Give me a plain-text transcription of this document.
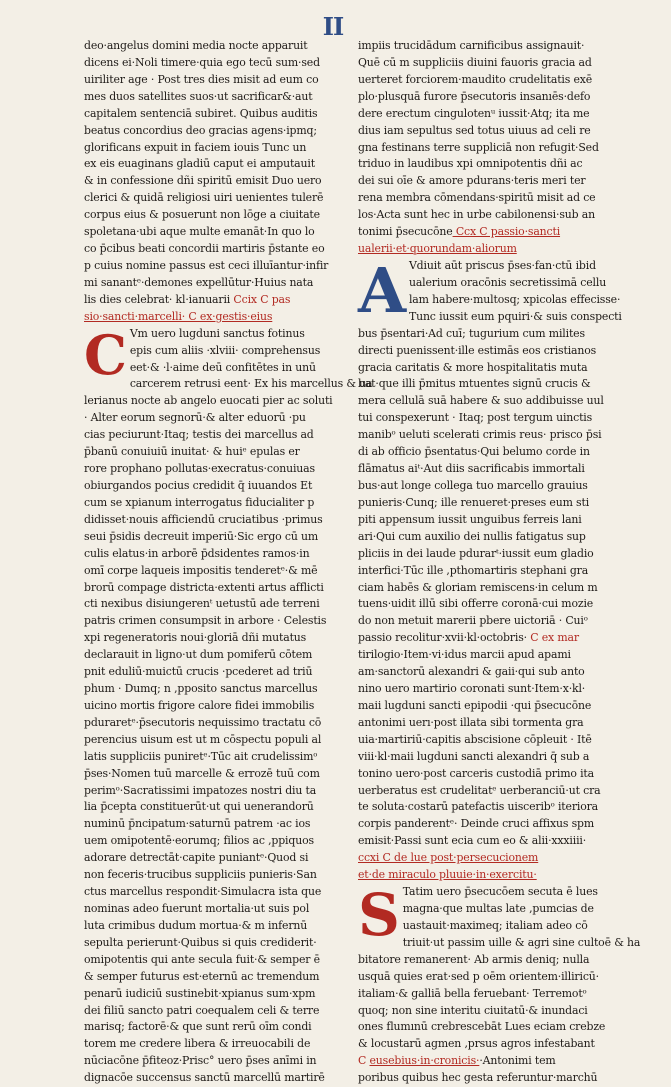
II
deo·angelus domini media nocte apparuit
dicens ei·Noli timere·quia ego tecū sum·sed
uiriliter age · Post tres dies misit ad eum co
mes duos satellites suos·ut sacrificar&·aut
capitalem sentenciā subiret. Quibus auditis
beatus concordius deo gracias agens·ipmq;
glorificans expuit in faciem iouis Tunc un
ex eis euaginans gladiū caput ei amputauit
& in confessione dñi spiritū emisit Duo uero
clerici & quidā religiosi uiri uenientes tulerē
corpus eius & posuerunt non lōge a ciuitate
spoletana·ubi aque multe emanāt·In quo lo
co p̄cibus beati concordii martiris p̄stante eo
p cuius nomine passus est ceci illuīantur·infir
mi sanantᵉ·demones expellūtur·Huius nata
lis dies celebrat· kl·ianuarii Ccix C pas
sio·sancti·marcelli· C ex·gestis·eius
C Vm uero lugduni sanctus fotinus
epis cum aliis ·xlviii· comprehensus
eet·& ·l·aime deū confitētes in unū
carcerem retrusi eent· Ex his marcellus & ua
lerianus nocte ab angelo euocati pier ac soluti
· Alter eorum segnorū·& alter eduorū ·pu
cias peciurunt·Itaq; testis dei marcellus ad
p̄banū conuiuiū inuitat· & huiᵉ epulas er
rore prophano pollutas·execratus·conuiuas
obiurgandos pocius credidit q̄ iuuandos Et
cum se xpianum interrogatus fiducialiter p
didisset·nouis afficiendū cruciatibus ·primus
seui p̄sidis decreuit imperiū·Sic ergo cū um
culis elatus·in arborē p̄dsidentes ramos·in
omī corpe laqueis impositis tenderetᵉ·& mē
brorū compage districta·extenti artus afflicti
cti nexibus disiungerenᵗ uetustū ade terreni
patris crimen consumpsit in arbore · Celestis
xpi regeneratoris noui·gloriā dñi mutatus
declarauit in ligno·ut dum pomiferū cōtem
pnit eduliū·muictū crucis ·pcederet ad triū
phum · Dumq; n ,pposito sanctus marcellus
uicino mortis frigore calore fidei immobilis
pduraretᵉ·p̄secutoris nequissimo tractatu cō
perencius uisum est ut m cōspectu populi al
latis suppliciis puniretᵉ·Tūc ait crudelissimᵒ
p̄ses·Nomen tuū marcelle & errozē tuū com
perimᵒ·Sacratissimi impatozes nostri diu ta
lia p̄cepta constituerūt·ut qui uenerandorū
numinū p̄ncipatum·saturnū patrem ·ac ios
uem omipotentē·eorumq; filios ac ,ppiquos
adorare detrectāt·capite puniantᵉ·Quod si
non feceris·trucibus suppliciis punieris·San
ctus marcellus respondit·Simulacra ista que
nominas adeo fuerunt mortalia·ut suis pol
luta crimibus dudum mortua·& m infernū
sepulta perierunt·Quibus si quis crediderit·
omipotentis qui ante secula fuit·& semper ē
& semper futurus est·eternū ac tremendum
penarū iudiciū sustinebit·xpianus sum·xpm
dei filiū sancto patri coequalem celi & terre
marisq; factorē·& que sunt rerū oīm condi
torem me credere libera & irreuocabili de
nūciacōne p̄fiteoz·Prisc° uero p̄ses anīmi in
dignacōe succensus sanctū marcellū martirē
impiis trucidādum carnificibus assignauit·
Quē cū m suppliciis diuini fauoris gracia ad
uerteret forciorem·maudito crudelitatis exē
plo·plusquā furore p̄secutoris insanıēs·defo
dere erectum cingulotenᵘ iussit·Atq; ita me
dius iam sepultus sed totus uiuus ad celi re
gna festinans terre suppliciā non refugit·Sed
triduo in laudibus xpi omnipotentis dñi ac
dei sui oīe & amore pdurans·teris meri ter
rena membra cōmendans·spiritū misit ad ce
los·Acta sunt hec in urbe cabilonensi·sub an
tonimi p̄secucōne Ccx C passio·sancti
ualerii·et·quorundam·aliorum
A Vdiuit aūt priscus p̄ses·fan·ctū ibid
ualerium oracōnis secretissimā cellu
lam habere·multosq; xpicolas effecisse·
Tunc iussit eum pquiri·& suis conspecti
bus p̄sentari·Ad cuī; tugurium cum milites
directi puenissent·ille estimās eos cristianos
gracia caritatis & more hospitalitatis muta
bat·que illi p̄mitus mtuentes signū crucis &
mera cellulā suā habere & suo addibuisse uul
tui conspexerunt · Itaq; post tergum uinctis
manibᵒ ueluti scelerati crimis reus· prisco p̄si
di ab officio p̄sentatus·Qui belumo corde in
flāmatus aiᵗ·Aut diis sacrificabis immortali
bus·aut longe collega tuo marcello grauius
punieris·Cunq; ille renueret·preses eum sti
piti appensum iussit unguibus ferreis lani
ari·Qui cum auxilio dei nullis fatigatus sup
pliciis in dei laude pdurarᵗ·iussit eum gladio
interfici·Tūc ille ,pthomartiris stephani gra
ciam habēs & gloriam remiscens·in celum m
tuens·uidit illū sibi offerre coronā·cui mozie
do non metuit marerii pbere uictoriā · Cuiᵒ
passio recolitur·xvii·kl·octobris· C ex mar
tirilogio·Item·vi·idus marcii apud apami
am·sanctorū alexandri & gaii·qui sub anto
nino uero martirio coronati sunt·Item·x·kl·
maii lugduni sancti epipodii ·qui p̄secucōne
antonimi uerı·post illata sibi tormenta gra
uia·martiriū·capitis abscisione cōpleuit · Itē
viii·kl·maii lugduni sancti alexandri q̄ sub a
tonino uero·post carceris custodiā primo ita
uerberatus est crudelitatᵉ uerberanciū·ut cra
te soluta·costarū patefactis uisceribᵒ iteriora
corpis panderentᵉ· Deinde cruci affixus spm
emisit·Passi sunt ecia cum eo & alii·xxxiiii·
ccxi C de lue post·persecucionem
et·de miraculo pluuie·in·exercitu·
S Tatim uero p̄secucōem secuta ē lues
magna·que multas late ,pumcias de
uastauit·maximeq; italiam adeo cō
triuit·ut passim uille & agri sine cultoē & ha
bitatore remanerent· Ab armis deniq; nulla
usquā quies erat·sed p oēm orientem·illiricū·
italiam·& galliā bella feruebant· Terremotᵒ
quoq; non sine interitu ciuitatū·& inundaci
ones flumınū crebrescebāt Lues eciam crebze
& locustarū agmen ,prsus agros infestabant
C eusebius·in·cronicis··Antonimi tem
poribus quibus hec gesta referuntur·marchū
